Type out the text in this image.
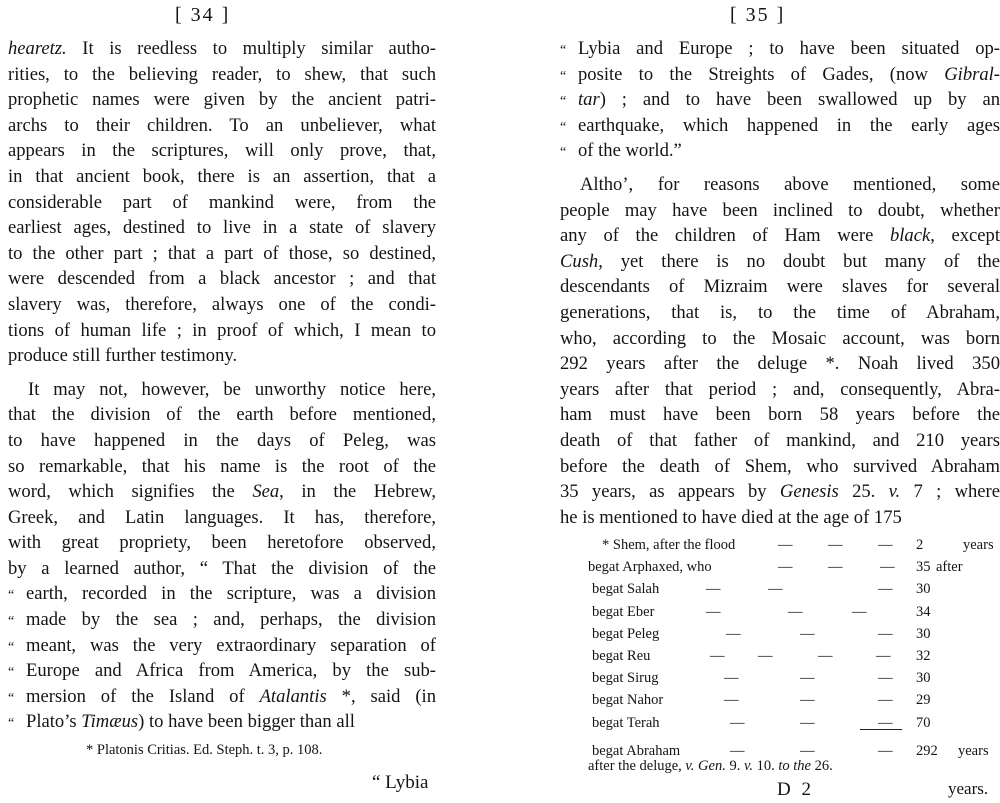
[ 34 ]
hearetz. It is reedless to multiply similar autho-
rities, to the believing reader, to shew, that such
prophetic names were given by the ancient patri-
archs to their children. To an unbeliever, what
appears in the scriptures, will only prove, that,
in that ancient book, there is an assertion, that a
considerable part of mankind were, from the
earliest ages, destined to live in a state of slavery
to the other part ; that a part of those, so destined,
were descended from a black ancestor ; and that
slavery was, therefore, always one of the condi-
tions of human life ; in proof of which, I mean to
produce still further testimony.
It may not, however, be unworthy notice here,
that the division of the earth before mentioned,
to have happened in the days of Peleg, was
so remarkable, that his name is the root of the
word, which signifies the Sea, in the Hebrew,
Greek, and Latin languages. It has, therefore,
with great propriety, been heretofore observed,
by a learned author, “ That the division of the
“ earth, recorded in the scripture, was a division
“ made by the sea ; and, perhaps, the division
“ meant, was the very extraordinary separation of
“ Europe and Africa from America, by the sub-
“ mersion of the Island of Atalantis *, said (in
“ Plato’s Timæus) to have been bigger than all
* Platonis Critias. Ed. Steph. t. 3, p. 108.
“ Lybia
[ 35 ]
“ Lybia and Europe ; to have been situated op-
“ posite to the Streights of Gades, (now Gibral-
“ tar) ; and to have been swallowed up by an
“ earthquake, which happened in the early ages
“ of the world.”
Altho’, for reasons above mentioned, some
people may have been inclined to doubt, whether
any of the children of Ham were black, except
Cush, yet there is no doubt but many of the
descendants of Mizraim were slaves for several
generations, that is, to the time of Abraham,
who, according to the Mosaic account, was born
292 years after the deluge *. Noah lived 350
years after that period ; and, consequently, Abra-
ham must have been born 58 years before the
death of that father of mankind, and 210 years
before the death of Shem, who survived Abraham
35 years, as appears by Genesis 25. v. 7 ; where
he is mentioned to have died at the age of 175
* Shem, after the flood	— — — 2	years
begat Arphaxed, who	— —	— 35 after
begat Salah	—	—	— 30
begat Eber	—	—	—	34
begat Peleg	—	—	— 30
begat Reu	— —	—	— 32
begat Sirug	—	—	— 30
begat Nahor	—	—	— 29
begat Terah	—	—	— 70
begat Abraham	—	—	— 292 years
after the deluge, v. Gen. 9. v. 10. to the 26.
D 2	years.
